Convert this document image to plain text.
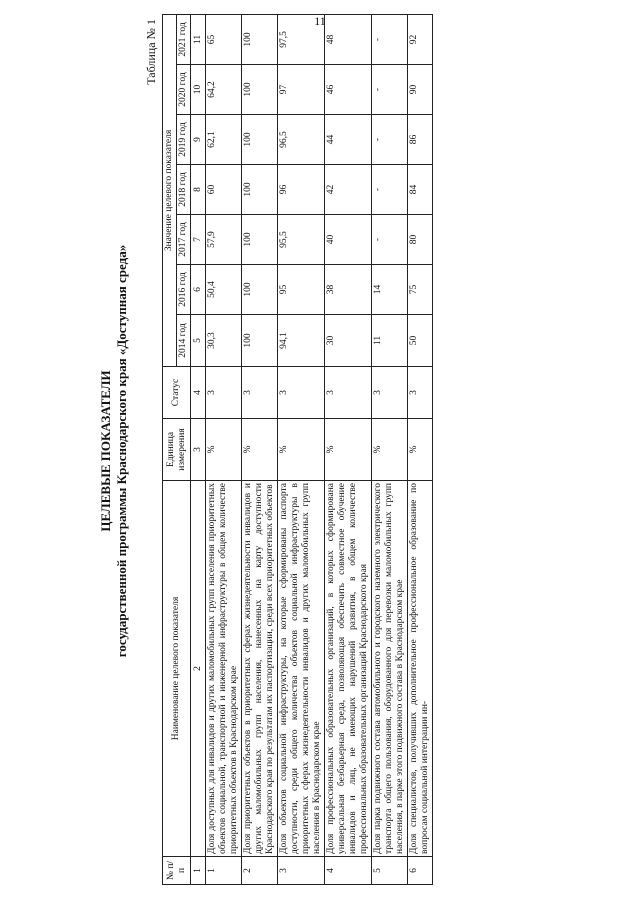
11
ЦЕЛЕВЫЕ ПОКАЗАТЕЛИ государственной программы Краснодарского края «Доступная среда»
Таблица № 1
№ п/п	Наименование целевого показателя	Единица измерения	Статус	Значение целевого показателя						
				2014 год	2016 год	2017 год	2018 год	2019 год	2020 год	2021 год
1	2	3	4	5	6	7	8	9	10	11
1	Доля доступных для инвалидов и других маломобильных групп населения приоритетных объектов социальной, транспортной и инженерной инфраструктуры в общем количестве приоритетных объектов в Краснодарском крае	%	3	30,3	50,4	57,9	60	62,1	64,2	65
2	Доля приоритетных объектов в приоритетных сферах жизнедеятельности инвалидов и других маломобильных групп населения, нанесенных на карту доступности Краснодарского края по результатам их паспортизации, среди всех приоритетных объектов	%	3	100	100	100	100	100	100	100
3	Доля объектов социальной инфраструктуры, на которые сформированы паспорта доступности, среди общего количества объектов социальной инфраструктуры в приоритетных сферах жизнедеятельности инвалидов и других маломобильных групп населения в Краснодарском крае	%	3	94,1	95	95,5	96	96,5	97	97,5
4	Доля профессиональных образовательных организаций, в которых сформирована универсальная безбарьерная среда, позволяющая обеспечить совместное обучение инвалидов и лиц, не имеющих нарушений развития, в общем количестве профессиональных образовательных организаций Краснодарского края	%	3	30	38	40	42	44	46	48
5	Доля парка подвижного состава автомобильного и городского наземного электрического транспорта общего пользования, оборудованного для перевозки маломобильных групп населения, в парке этого подвижного состава в Краснодарском крае	%	3	11	14	-	-	-	-	-
6	Доля специалистов, получивших дополнительное профессиональное образование по вопросам социальной интеграции ин-	%	3	50	75	80	84	86	90	92
